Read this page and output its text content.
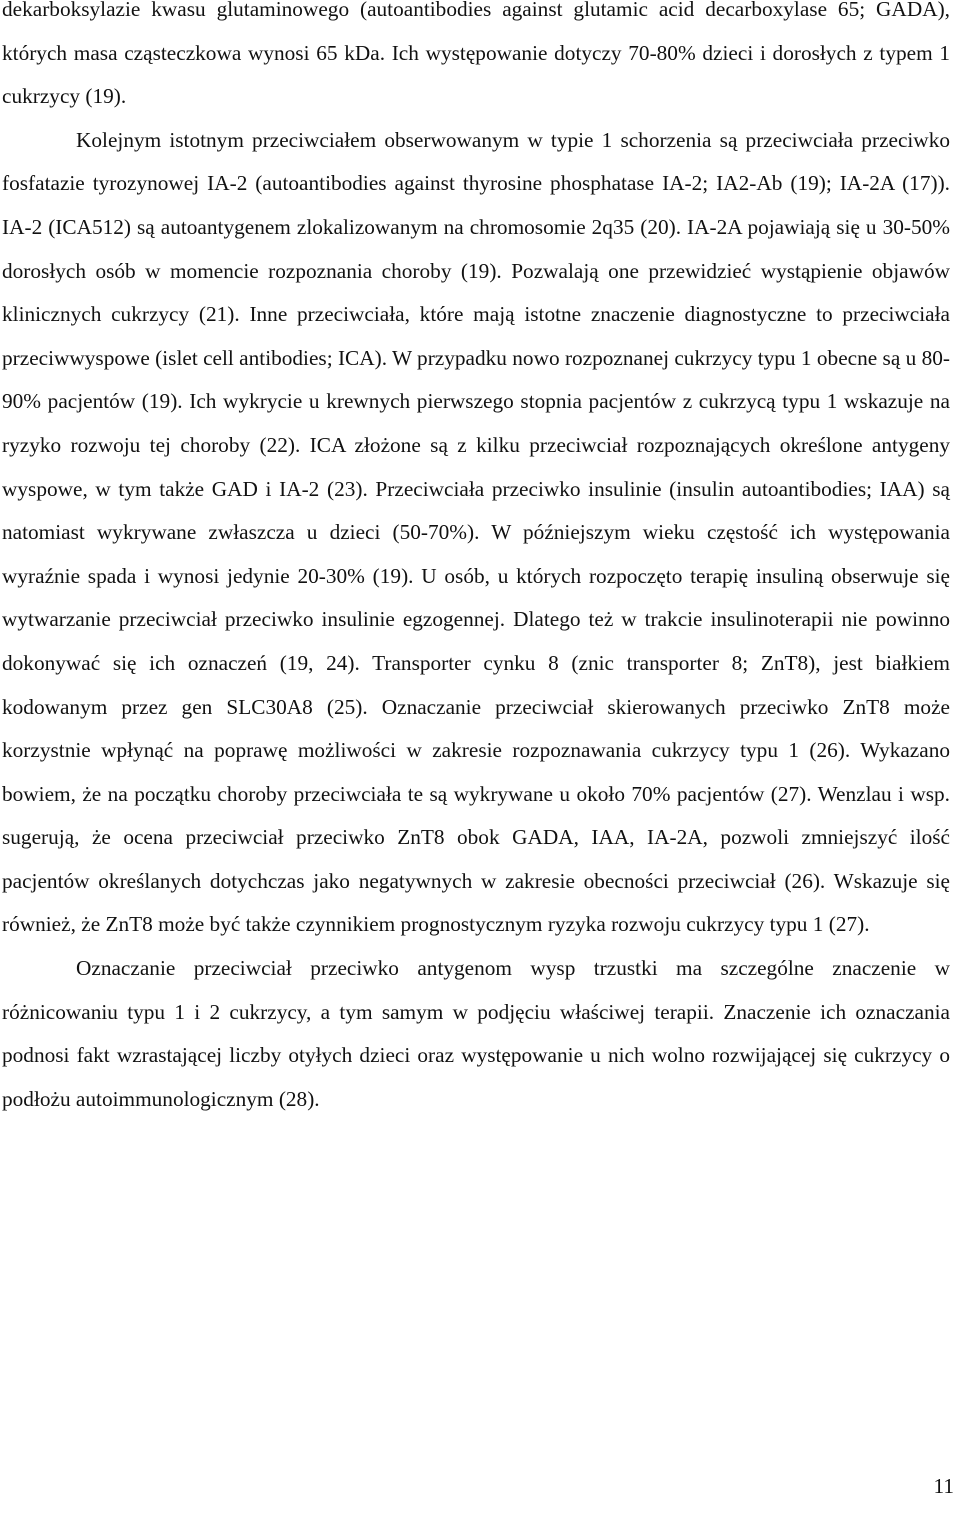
dekarboksylazie kwasu glutaminowego (autoantibodies against glutamic acid decarboxylase 65; GADA), których masa cząsteczkowa wynosi 65 kDa. Ich występowanie dotyczy 70-80% dzieci i dorosłych z typem 1 cukrzycy (19).

Kolejnym istotnym przeciwciałem obserwowanym w typie 1 schorzenia są przeciwciała przeciwko fosfatazie tyrozynowej IA-2 (autoantibodies against thyrosine phosphatase IA-2; IA2-Ab (19); IA-2A (17)). IA-2 (ICA512) są autoantygenem zlokalizowanym na chromosomie 2q35 (20). IA-2A pojawiają się u 30-50% dorosłych osób w momencie rozpoznania choroby (19). Pozwalają one przewidzieć wystąpienie objawów klinicznych cukrzycy (21). Inne przeciwciała, które mają istotne znaczenie diagnostyczne to przeciwciała przeciwwyspowe (islet cell antibodies; ICA). W przypadku nowo rozpoznanej cukrzycy typu 1 obecne są u 80-90% pacjentów (19). Ich wykrycie u krewnych pierwszego stopnia pacjentów z cukrzycą typu 1 wskazuje na ryzyko rozwoju tej choroby (22). ICA złożone są z kilku przeciwciał rozpoznających określone antygeny wyspowe, w tym także GAD i IA-2 (23). Przeciwciała przeciwko insulinie (insulin autoantibodies; IAA) są natomiast wykrywane zwłaszcza u dzieci (50-70%). W późniejszym wieku częstość ich występowania wyraźnie spada i wynosi jedynie 20-30% (19). U osób, u których rozpoczęto terapię insuliną obserwuje się wytwarzanie przeciwciał przeciwko insulinie egzogennej. Dlatego też w trakcie insulinoterapii nie powinno dokonywać się ich oznaczeń (19, 24). Transporter cynku 8 (znic transporter 8; ZnT8), jest białkiem kodowanym przez gen SLC30A8 (25). Oznaczanie przeciwciał skierowanych przeciwko ZnT8 może korzystnie wpłynąć na poprawę możliwości w zakresie rozpoznawania cukrzycy typu 1 (26). Wykazano bowiem, że na początku choroby przeciwciała te są wykrywane u około 70% pacjentów (27). Wenzlau i wsp. sugerują, że ocena przeciwciał przeciwko ZnT8 obok GADA, IAA, IA-2A, pozwoli zmniejszyć ilość pacjentów określanych dotychczas jako negatywnych w zakresie obecności przeciwciał (26). Wskazuje się również, że ZnT8 może być także czynnikiem prognostycznym ryzyka rozwoju cukrzycy typu 1 (27).

Oznaczanie przeciwciał przeciwko antygenom wysp trzustki ma szczególne znaczenie w różnicowaniu typu 1 i 2 cukrzycy, a tym samym w podjęciu właściwej terapii. Znaczenie ich oznaczania podnosi fakt wzrastającej liczby otyłych dzieci oraz występowanie u nich wolno rozwijającej się cukrzycy o podłożu autoimmunologicznym (28).

11
